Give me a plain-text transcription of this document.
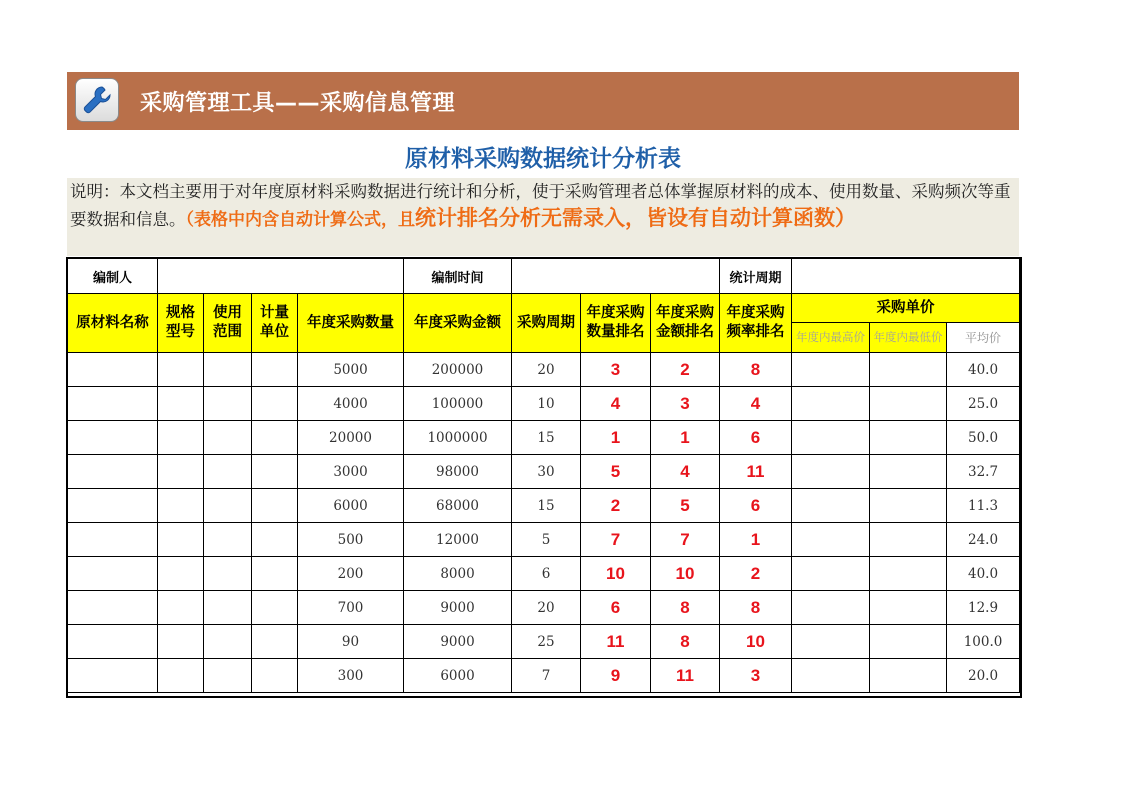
采购管理工具——采购信息管理
原材料采购数据统计分析表
说明：本文档主要用于对年度原材料采购数据进行统计和分析，使于采购管理者总体掌握原材料的成本、使用数量、采购频次等重要数据和信息。（表格中内含自动计算公式，且统计排名分析无需录入，皆设有自动计算函数）
编制人					编制时间				统计周期			
原材料名称	规格型号	使用范围	计量单位	年度采购数量	年度采购金额	采购周期	年度采购数量排名	年度采购金额排名	年度采购频率排名	采购单价		
										年度内最高价	年度内最低价	平均价
				5000	200000	20	3	2	8			40.0
				4000	100000	10	4	3	4			25.0
				20000	1000000	15	1	1	6			50.0
				3000	98000	30	5	4	11			32.7
				6000	68000	15	2	5	6			11.3
				500	12000	5	7	7	1			24.0
				200	8000	6	10	10	2			40.0
				700	9000	20	6	8	8			12.9
				90	9000	25	11	8	10			100.0
				300	6000	7	9	11	3			20.0
